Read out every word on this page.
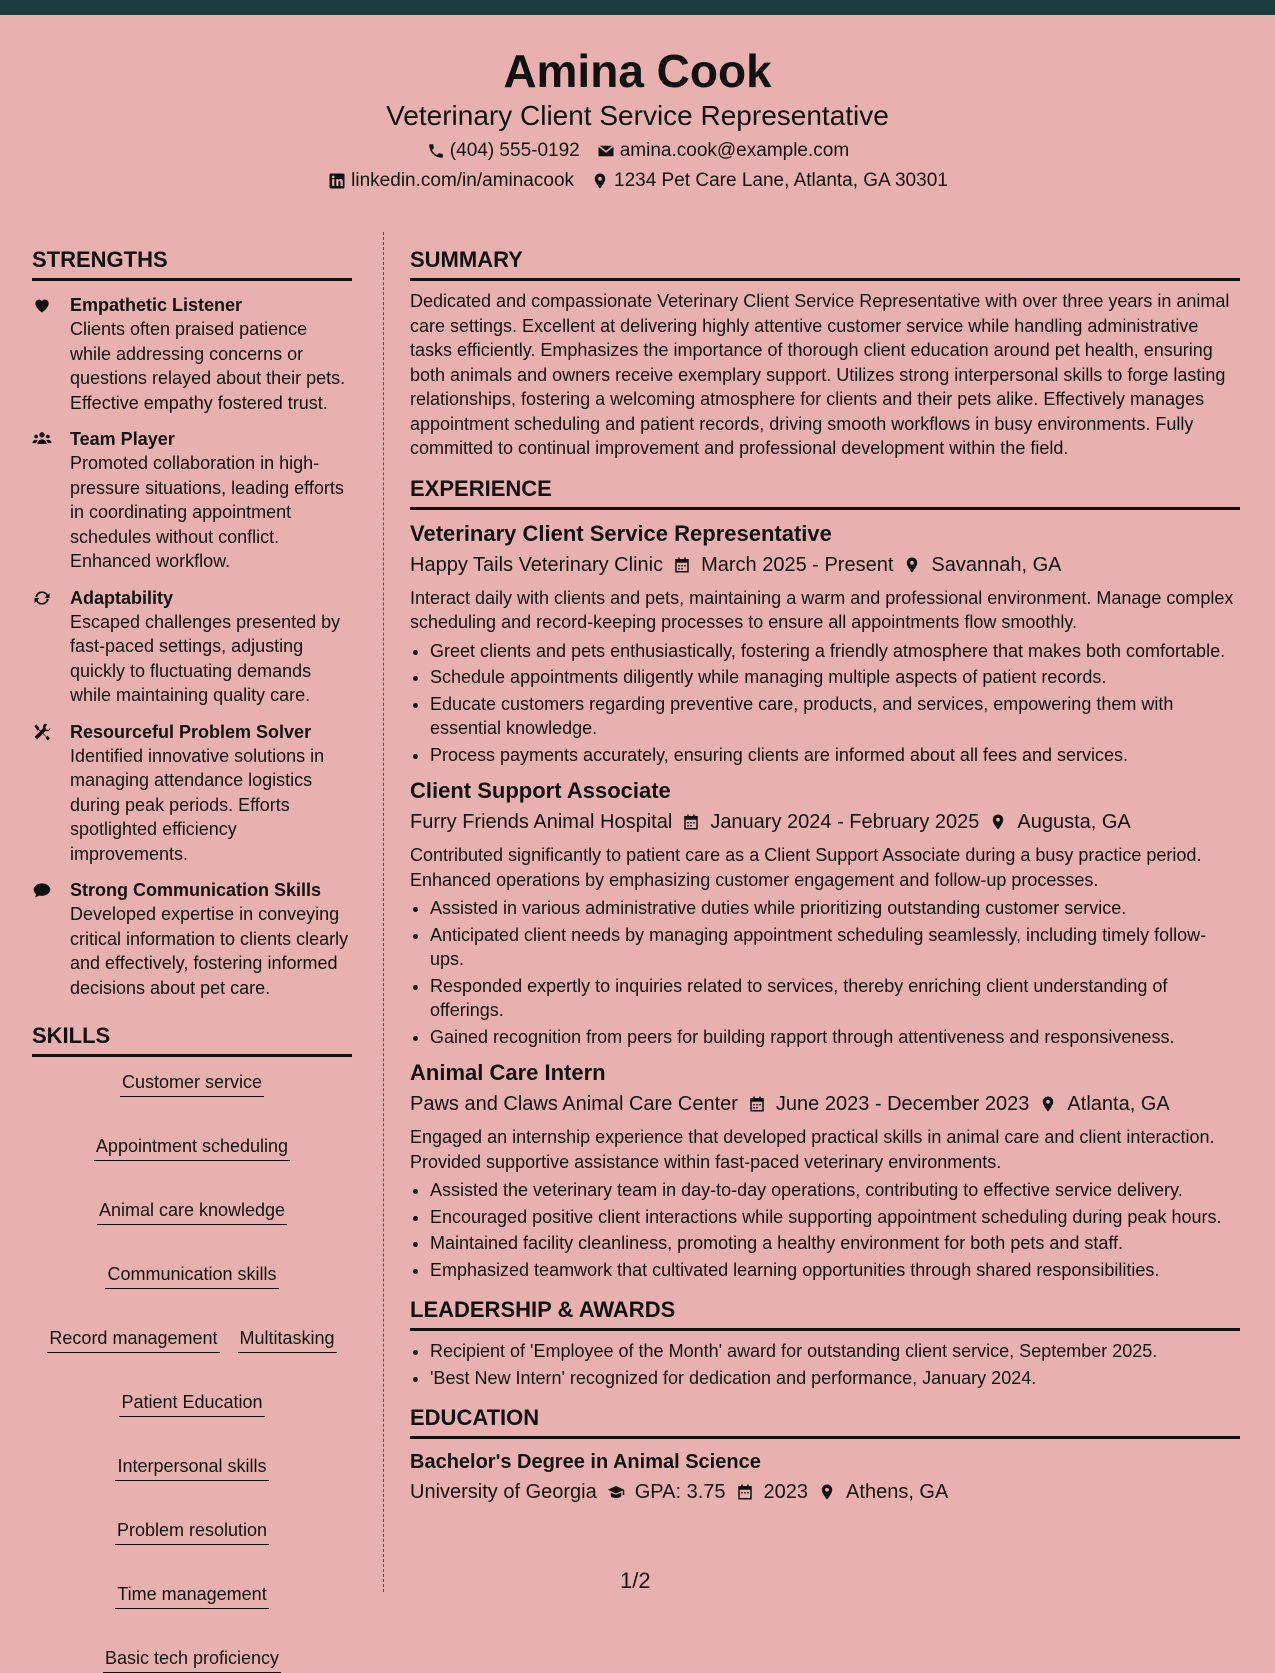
Amina Cook
Veterinary Client Service Representative
(404) 555-0192 amina.cook@example.com
linkedin.com/in/aminacook 1234 Pet Care Lane, Atlanta, GA 30301
STRENGTHS
Empathetic Listener
Clients often praised patience while addressing concerns or questions relayed about their pets. Effective empathy fostered trust.
Team Player
Promoted collaboration in high-pressure situations, leading efforts in coordinating appointment schedules without conflict. Enhanced workflow.
Adaptability
Escaped challenges presented by fast-paced settings, adjusting quickly to fluctuating demands while maintaining quality care.
Resourceful Problem Solver
Identified innovative solutions in managing attendance logistics during peak periods. Efforts spotlighted efficiency improvements.
Strong Communication Skills
Developed expertise in conveying critical information to clients clearly and effectively, fostering informed decisions about pet care.
SKILLS
Customer service
Appointment scheduling
Animal care knowledge
Communication skills
Record management Multitasking
Patient Education
Interpersonal skills
Problem resolution
Time management
Basic tech proficiency
SUMMARY

Dedicated and compassionate Veterinary Client Service Representative with over three years in animal care settings. Excellent at delivering highly attentive customer service while handling administrative tasks efficiently. Emphasizes the importance of thorough client education around pet health, ensuring both animals and owners receive exemplary support. Utilizes strong interpersonal skills to forge lasting relationships, fostering a welcoming atmosphere for clients and their pets alike. Effectively manages appointment scheduling and patient records, driving smooth workflows in busy environments. Fully committed to continual improvement and professional development within the field.

EXPERIENCE
Veterinary Client Service Representative
Happy Tails Veterinary Clinic March 2025 - Present Savannah, GA

Interact daily with clients and pets, maintaining a warm and professional environment. Manage complex scheduling and record-keeping processes to ensure all appointments flow smoothly.

• Greet clients and pets enthusiastically, fostering a friendly atmosphere that makes both comfortable.
• Schedule appointments diligently while managing multiple aspects of patient records.
• Educate customers regarding preventive care, products, and services, empowering them with essential knowledge.
• Process payments accurately, ensuring clients are informed about all fees and services.
Client Support Associate
Furry Friends Animal Hospital January 2024 - February 2025 Augusta, GA

Contributed significantly to patient care as a Client Support Associate during a busy practice period. Enhanced operations by emphasizing customer engagement and follow-up processes.

• Assisted in various administrative duties while prioritizing outstanding customer service.
• Anticipated client needs by managing appointment scheduling seamlessly, including timely follow-ups.
• Responded expertly to inquiries related to services, thereby enriching client understanding of offerings.
• Gained recognition from peers for building rapport through attentiveness and responsiveness.
Animal Care Intern
Paws and Claws Animal Care Center June 2023 - December 2023 Atlanta, GA

Engaged an internship experience that developed practical skills in animal care and client interaction. Provided supportive assistance within fast-paced veterinary environments.

• Assisted the veterinary team in day-to-day operations, contributing to effective service delivery.
• Encouraged positive client interactions while supporting appointment scheduling during peak hours.
• Maintained facility cleanliness, promoting a healthy environment for both pets and staff.
• Emphasized teamwork that cultivated learning opportunities through shared responsibilities.
LEADERSHIP & AWARDS
• Recipient of 'Employee of the Month' award for outstanding client service, September 2025.
• 'Best New Intern' recognized for dedication and performance, January 2024.
EDUCATION
Bachelor's Degree in Animal Science
University of Georgia GPA: 3.75 2023 Athens, GA
1/2
